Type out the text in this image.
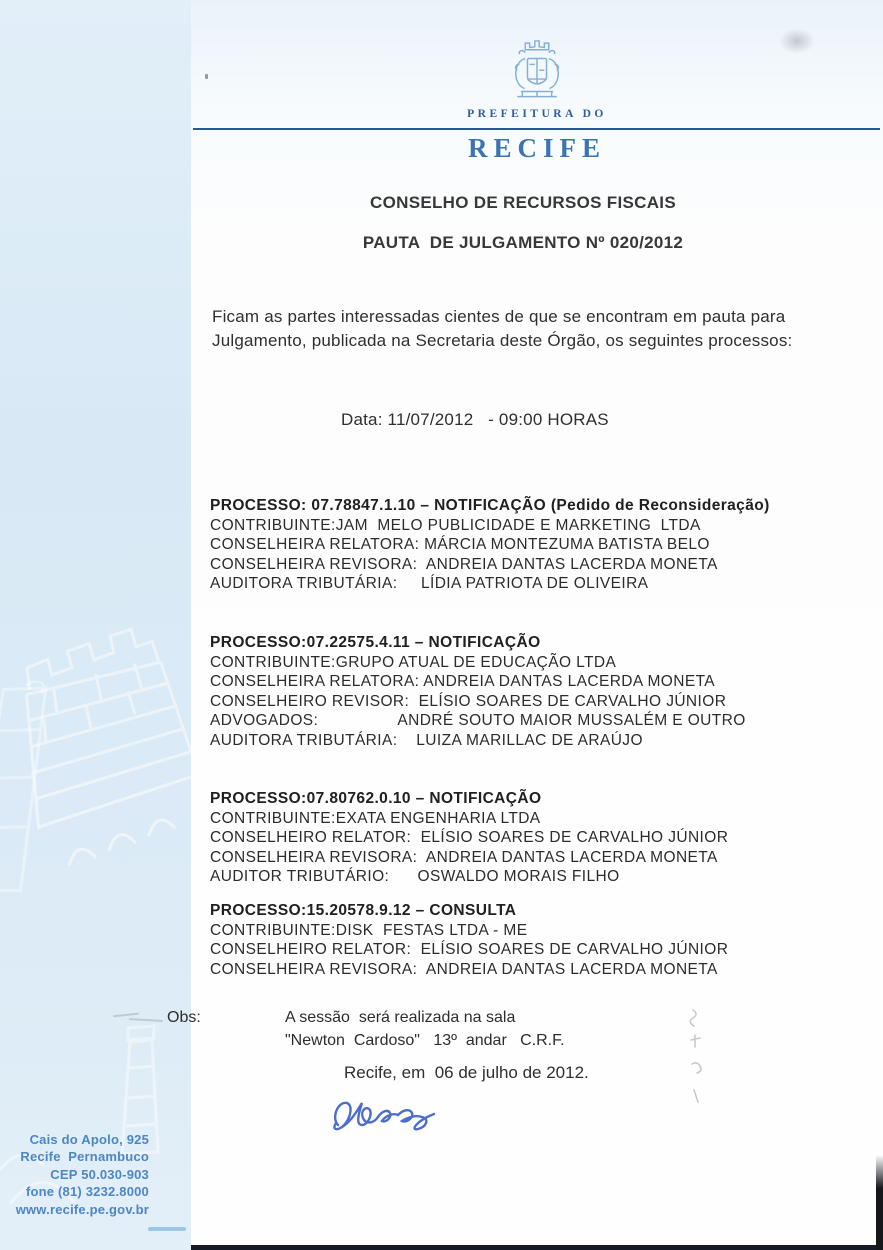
Cais do Apolo, 925
Recife  Pernambuco
CEP 50.030-903
fone (81) 3232.8000
www.recife.pe.gov.br
PREFEITURA DO
RECIFE
CONSELHO DE RECURSOS FISCAIS
PAUTA  DE JULGAMENTO Nº 020/2012
Ficam as partes interessadas cientes de que se encontram em pauta para
Julgamento, publicada na Secretaria deste Órgão, os seguintes processos:
Data: 11/07/2012   - 09:00 HORAS
PROCESSO: 07.78847.1.10 – NOTIFICAÇÃO (Pedido de Reconsideração)
CONTRIBUINTE:JAM  MELO PUBLICIDADE E MARKETING  LTDA
CONSELHEIRA RELATORA: MÁRCIA MONTEZUMA BATISTA BELO
CONSELHEIRA REVISORA:  ANDREIA DANTAS LACERDA MONETA
AUDITORA TRIBUTÁRIA:     LÍDIA PATRIOTA DE OLIVEIRA
PROCESSO:07.22575.4.11 – NOTIFICAÇÃO
CONTRIBUINTE:GRUPO ATUAL DE EDUCAÇÃO LTDA
CONSELHEIRA RELATORA: ANDREIA DANTAS LACERDA MONETA
CONSELHEIRO REVISOR:  ELÍSIO SOARES DE CARVALHO JÚNIOR
ADVOGADOS:                 ANDRÉ SOUTO MAIOR MUSSALÉM E OUTRO
AUDITORA TRIBUTÁRIA:    LUIZA MARILLAC DE ARAÚJO
PROCESSO:07.80762.0.10 – NOTIFICAÇÃO
CONTRIBUINTE:EXATA ENGENHARIA LTDA
CONSELHEIRO RELATOR:  ELÍSIO SOARES DE CARVALHO JÚNIOR
CONSELHEIRA REVISORA:  ANDREIA DANTAS LACERDA MONETA
AUDITOR TRIBUTÁRIO:      OSWALDO MORAIS FILHO
PROCESSO:15.20578.9.12 – CONSULTA
CONTRIBUINTE:DISK  FESTAS LTDA - ME
CONSELHEIRO RELATOR:  ELÍSIO SOARES DE CARVALHO JÚNIOR
CONSELHEIRA REVISORA:  ANDREIA DANTAS LACERDA MONETA
Obs:	A sessão  será realizada na sala
"Newton  Cardoso"   13º  andar   C.R.F.
Recife, em  06 de julho de 2012.
